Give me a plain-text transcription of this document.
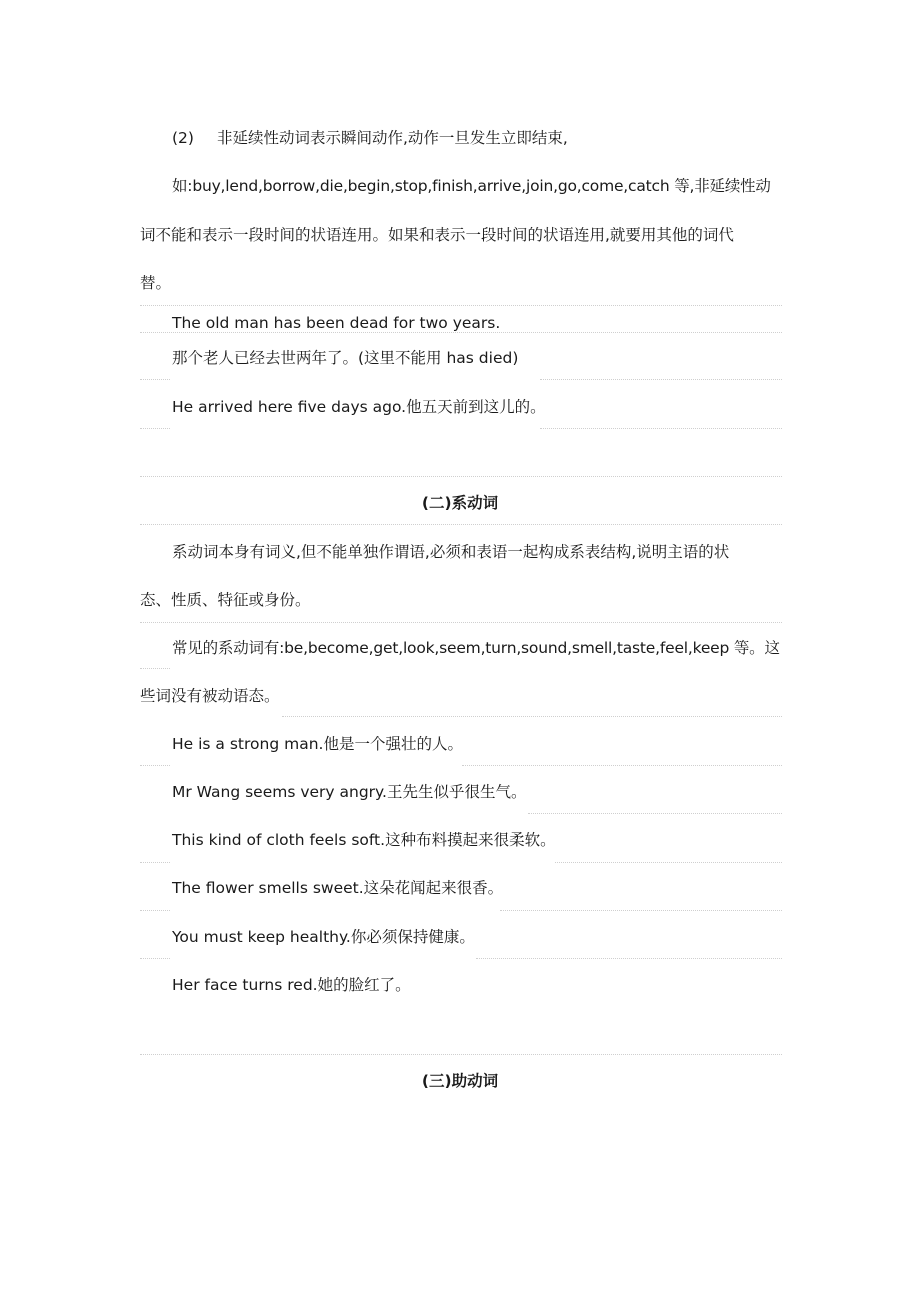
(2) 非延续性动词表示瞬间动作,动作一旦发生立即结束,
如:buy,lend,borrow,die,begin,stop,finish,arrive,join,go,come,catch 等,非延续性动
词不能和表示一段时间的状语连用。如果和表示一段时间的状语连用,就要用其他的词代
替。
The old man has been dead for two years.
那个老人已经去世两年了。(这里不能用 has died)
He arrived here five days ago.他五天前到这儿的。
(二)系动词
系动词本身有词义,但不能单独作谓语,必须和表语一起构成系表结构,说明主语的状
态、性质、特征或身份。
常见的系动词有:be,become,get,look,seem,turn,sound,smell,taste,feel,keep 等。这
些词没有被动语态。
He is a strong man.他是一个强壮的人。
Mr Wang seems very angry.王先生似乎很生气。
This kind of cloth feels soft.这种布料摸起来很柔软。
The flower smells sweet.这朵花闻起来很香。
You must keep healthy.你必须保持健康。
Her face turns red.她的脸红了。
(三)助动词
